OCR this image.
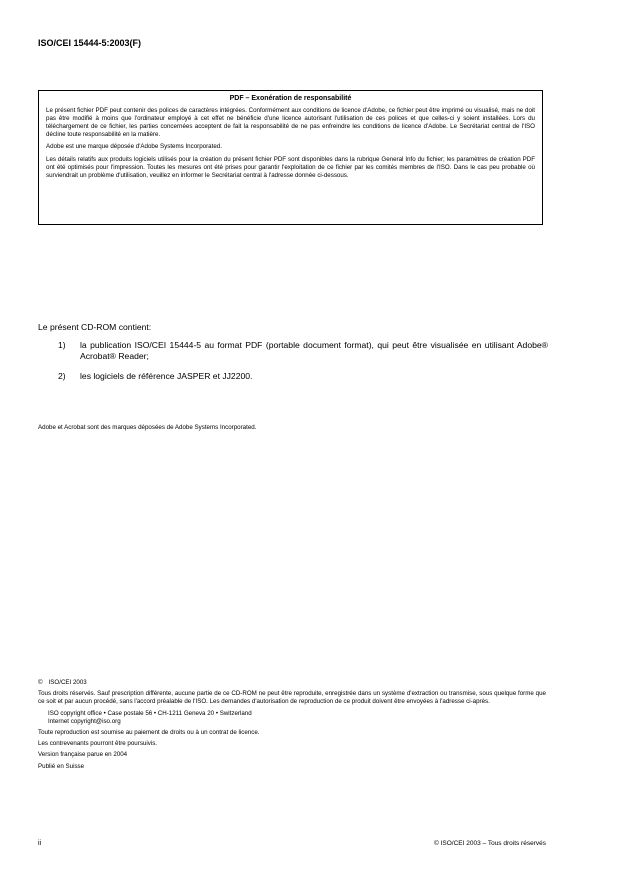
ISO/CEI 15444-5:2003(F)
PDF – Exonération de responsabilité

Le présent fichier PDF peut contenir des polices de caractères intégrées. Conformément aux conditions de licence d'Adobe, ce fichier peut être imprimé ou visualisé, mais ne doit pas être modifié à moins que l'ordinateur employé à cet effet ne bénéficie d'une licence autorisant l'utilisation de ces polices et que celles-ci y soient installées. Lors du téléchargement de ce fichier, les parties concernées acceptent de fait la responsabilité de ne pas enfreindre les conditions de licence d'Adobe. Le Secrétariat central de l'ISO décline toute responsabilité en la matière.

Adobe est une marque déposée d'Adobe Systems Incorporated.

Les détails relatifs aux produits logiciels utilisés pour la création du présent fichier PDF sont disponibles dans la rubrique General Info du fichier; les paramètres de création PDF ont été optimisés pour l'impression. Toutes les mesures ont été prises pour garantir l'exploitation de ce fichier par les comités membres de l'ISO. Dans le cas peu probable où surviendrait un problème d'utilisation, veuillez en informer le Secrétariat central à l'adresse donnée ci-dessous.

Le présent CD-ROM contient:

1) la publication ISO/CEI 15444-5 au format PDF (portable document format), qui peut être visualisée en utilisant Adobe® Acrobat® Reader;
2) les logiciels de référence JASPER et JJ2200.
Adobe et Acrobat sont des marques déposées de Adobe Systems Incorporated.

© ISO/CEI 2003

Tous droits réservés. Sauf prescription différente, aucune partie de ce CD-ROM ne peut être reproduite, enregistrée dans un système d'extraction ou transmise, sous quelque forme que ce soit et par aucun procédé, sans l'accord préalable de l'ISO. Les demandes d'autorisation de reproduction de ce produit doivent être envoyées à l'adresse ci-après.

ISO copyright office • Case postale 56 • CH-1211 Geneva 20 • Switzerland
Internet copyright@iso.org

Toute reproduction est soumise au paiement de droits ou à un contrat de licence.

Les contrevenants pourront être poursuivis.

Version française parue en 2004

Publié en Suisse

ii	© ISO/CEI 2003 – Tous droits réservés
